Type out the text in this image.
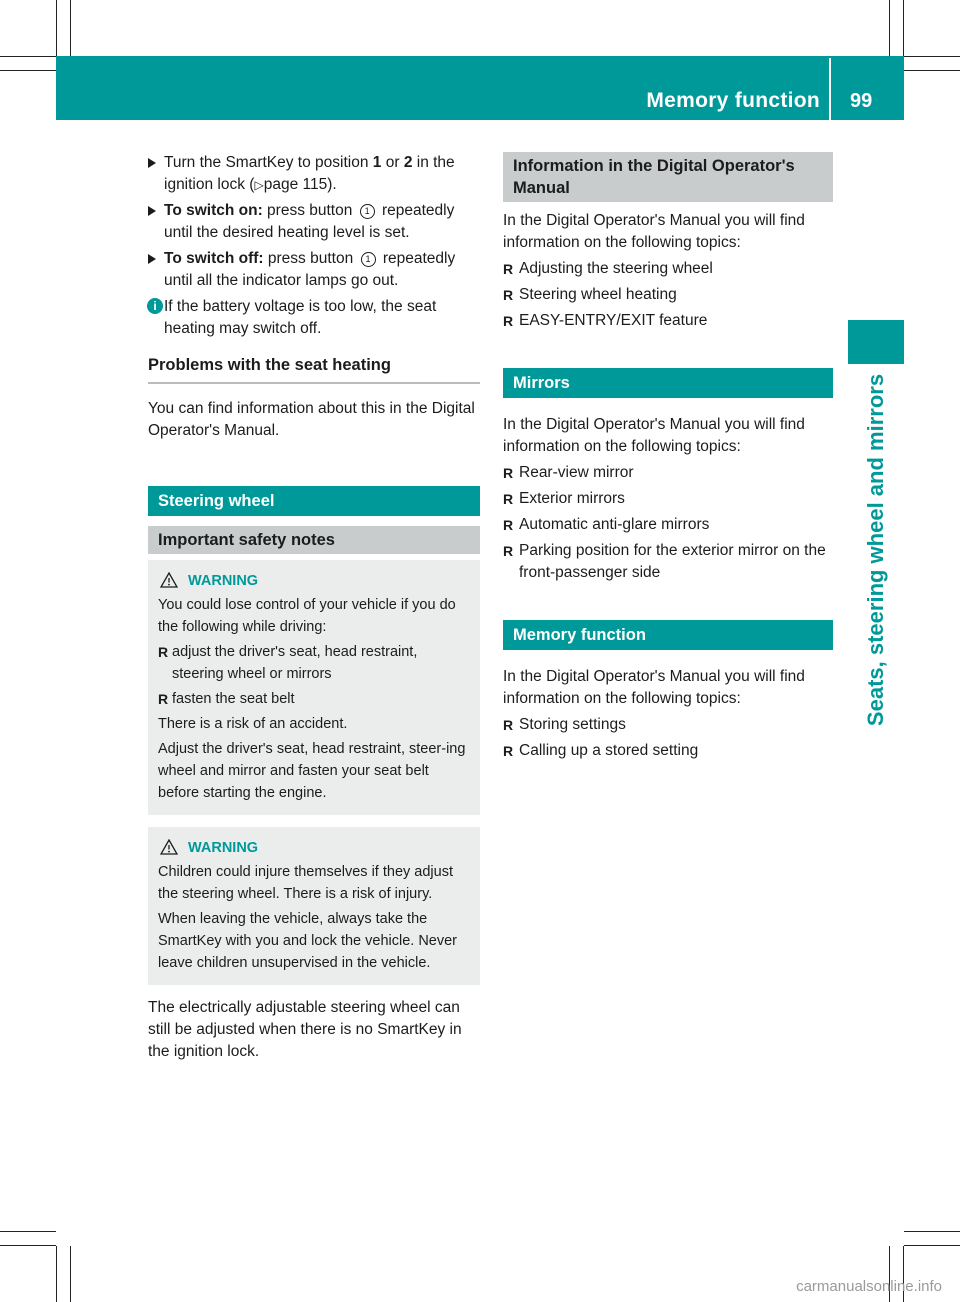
Memory function 99
Seats, steering wheel and mirrors
Turn the SmartKey to position 1 or 2 in the ignition lock (▷page 115).
To switch on: press button 1 repeatedly until the desired heating level is set.
To switch off: press button 1 repeatedly until all the indicator lamps go out.
i If the battery voltage is too low, the seat heating may switch off.
Problems with the seat heating

You can find information about this in the Digital Operator's Manual.

Steering wheel
Important safety notes
WARNING

You could lose control of your vehicle if you do the following while driving:

R adjust the driver's seat, head restraint, steering wheel or mirrors
R fasten the seat belt

There is a risk of an accident.

Adjust the driver's seat, head restraint, steer-ing wheel and mirror and fasten your seat belt before starting the engine.

WARNING

Children could injure themselves if they adjust the steering wheel. There is a risk of injury.

When leaving the vehicle, always take the SmartKey with you and lock the vehicle. Never leave children unsupervised in the vehicle.

The electrically adjustable steering wheel can still be adjusted when there is no SmartKey in the ignition lock.

Information in the Digital Operator's Manual

In the Digital Operator's Manual you will find information on the following topics:

R Adjusting the steering wheel
R Steering wheel heating
R EASY-ENTRY/EXIT feature
Mirrors

In the Digital Operator's Manual you will find information on the following topics:

R Rear-view mirror
R Exterior mirrors
R Automatic anti-glare mirrors
R Parking position for the exterior mirror on the front-passenger side
Memory function

In the Digital Operator's Manual you will find information on the following topics:

R Storing settings
R Calling up a stored setting
carmanualsonline.info
